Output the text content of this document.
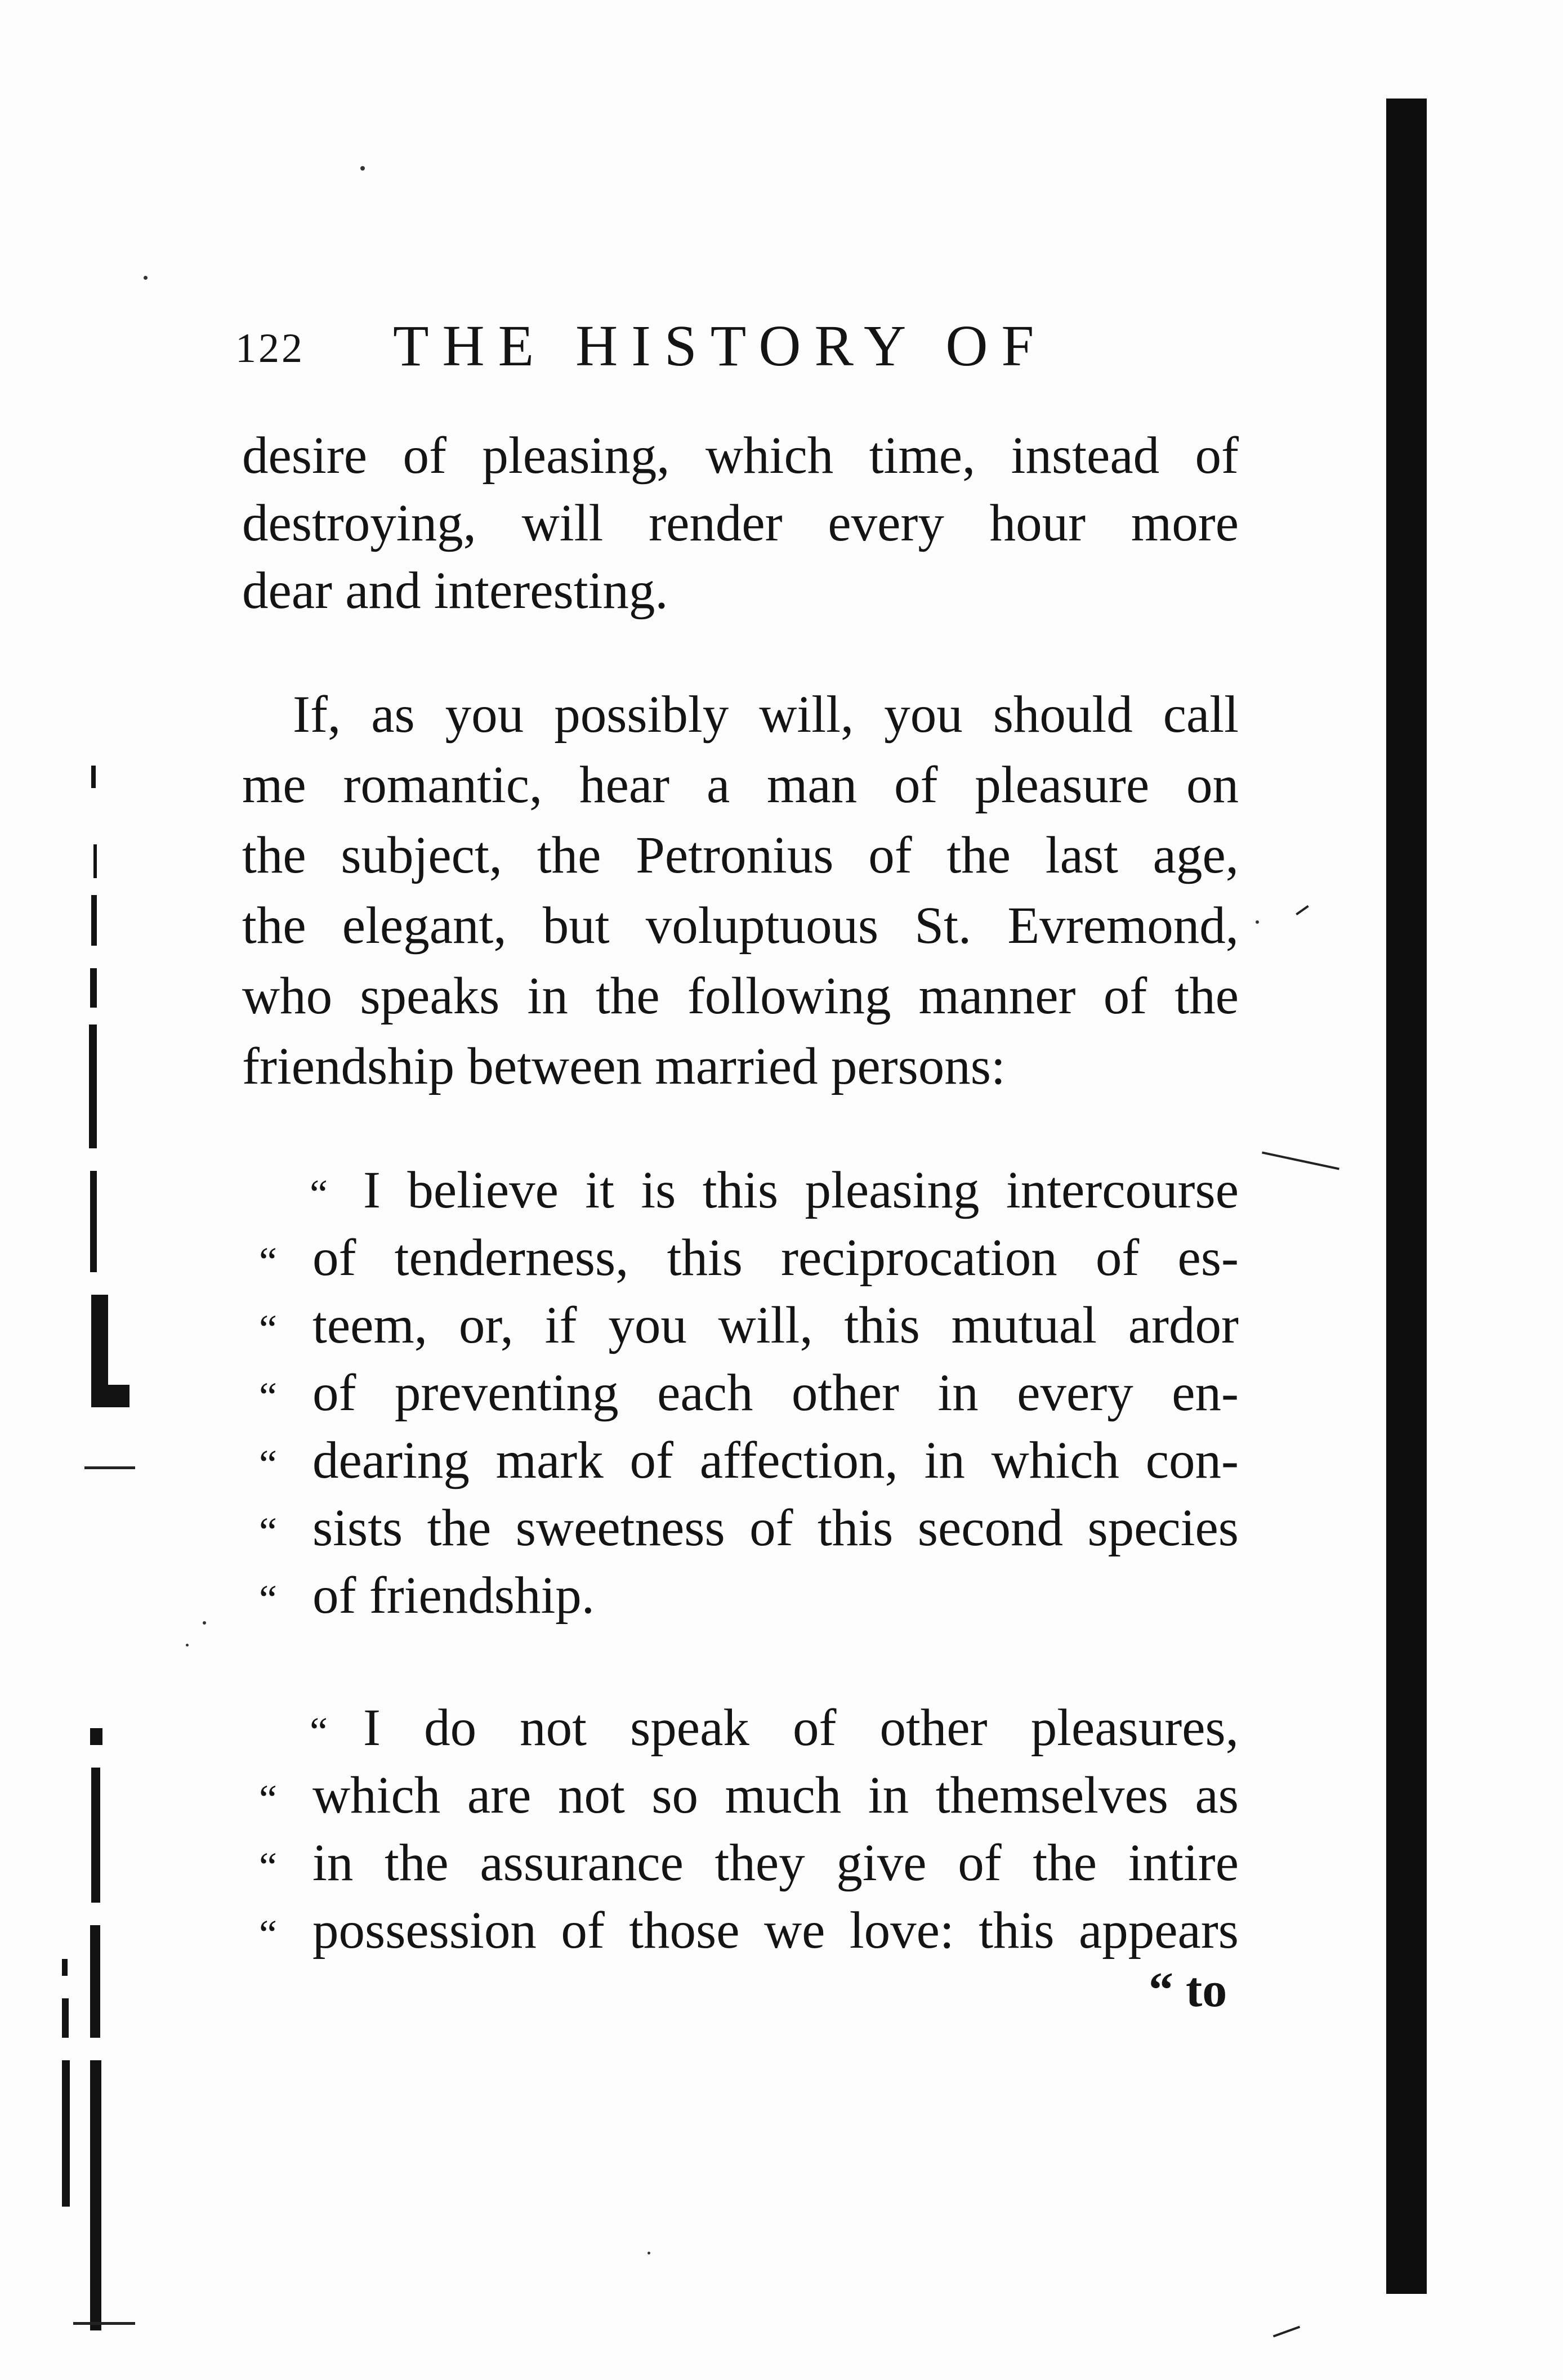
122 THE HISTORY OF
desire of pleasing, which time, instead of
destroying, will render every hour more
dear and interesting.
If, as you possibly will, you should call
me romantic, hear a man of pleasure on
the subject, the Petronius of the last age,
the elegant, but voluptuous St. Evremond,
who speaks in the following manner of the
friendship between married persons:
“ I believe it is this pleasing intercourse
“ of tenderness, this reciprocation of es-
“ teem, or, if you will, this mutual ardor
“ of preventing each other in every en-
“ dearing mark of affection, in which con-
“ sists the sweetness of this second species
“ of friendship.
“ I do not speak of other pleasures,
“ which are not so much in themselves as
“ in the assurance they give of the intire
“ possession of those we love: this appears
“ to
